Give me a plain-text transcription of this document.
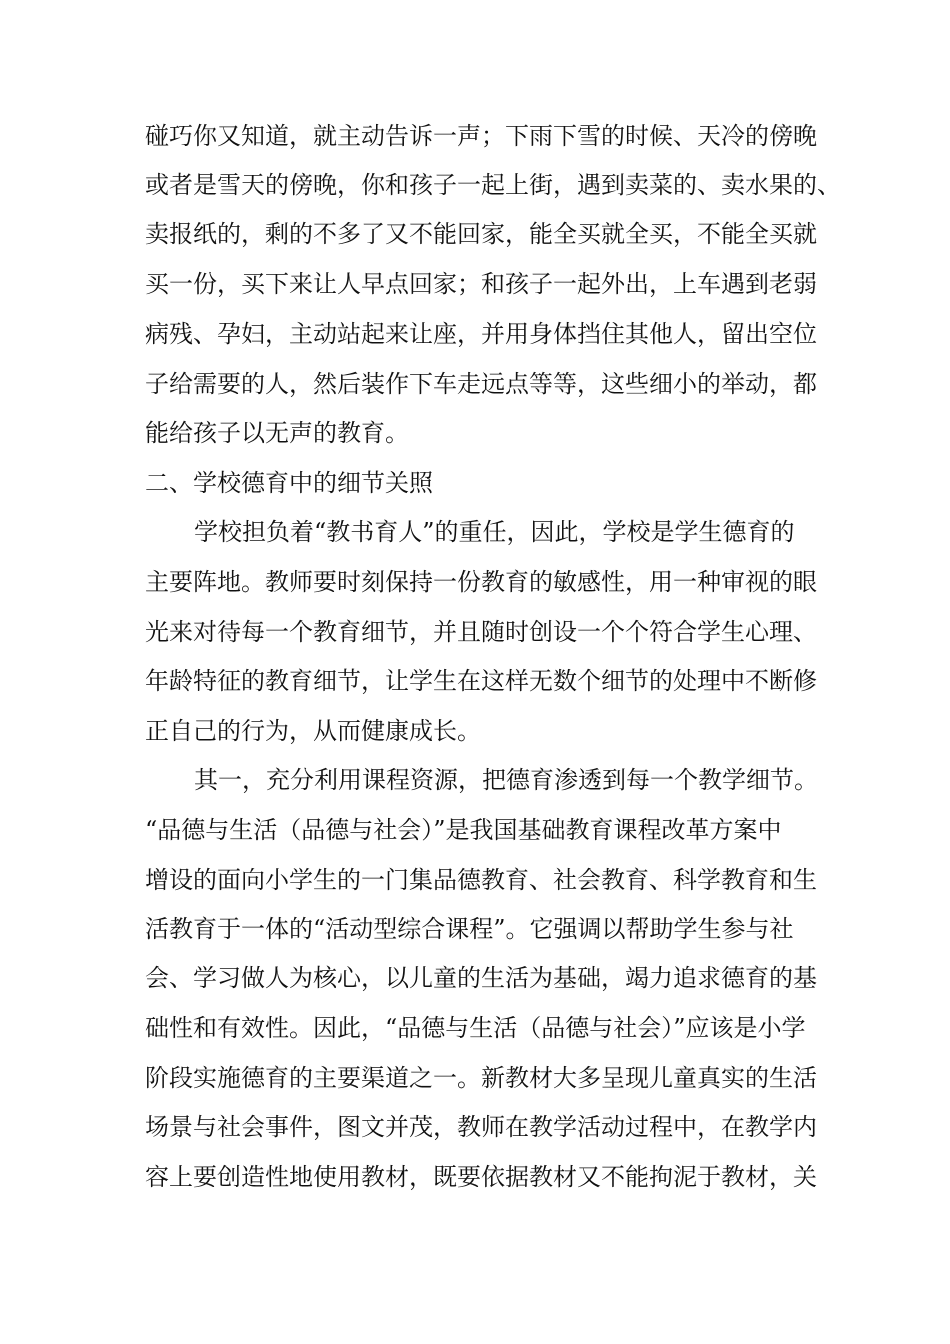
碰巧你又知道，就主动告诉一声；下雨下雪的时候、天冷的傍晚
或者是雪天的傍晚，你和孩子一起上街，遇到卖菜的、卖水果的、
卖报纸的，剩的不多了又不能回家，能全买就全买，不能全买就
买一份，买下来让人早点回家；和孩子一起外出，上车遇到老弱
病残、孕妇，主动站起来让座，并用身体挡住其他人，留出空位
子给需要的人，然后装作下车走远点等等，这些细小的举动，都
能给孩子以无声的教育。
二、学校德育中的细节关照
学校担负着“教书育人”的重任，因此，学校是学生德育的
主要阵地。教师要时刻保持一份教育的敏感性，用一种审视的眼
光来对待每一个教育细节，并且随时创设一个个符合学生心理、
年龄特征的教育细节，让学生在这样无数个细节的处理中不断修
正自己的行为，从而健康成长。
其一，充分利用课程资源，把德育渗透到每一个教学细节。
“品德与生活（品德与社会）”是我国基础教育课程改革方案中
增设的面向小学生的一门集品德教育、社会教育、科学教育和生
活教育于一体的“活动型综合课程”。它强调以帮助学生参与社
会、学习做人为核心，以儿童的生活为基础，竭力追求德育的基
础性和有效性。因此，“品德与生活（品德与社会）”应该是小学
阶段实施德育的主要渠道之一。新教材大多呈现儿童真实的生活
场景与社会事件，图文并茂，教师在教学活动过程中，在教学内
容上要创造性地使用教材，既要依据教材又不能拘泥于教材，关
